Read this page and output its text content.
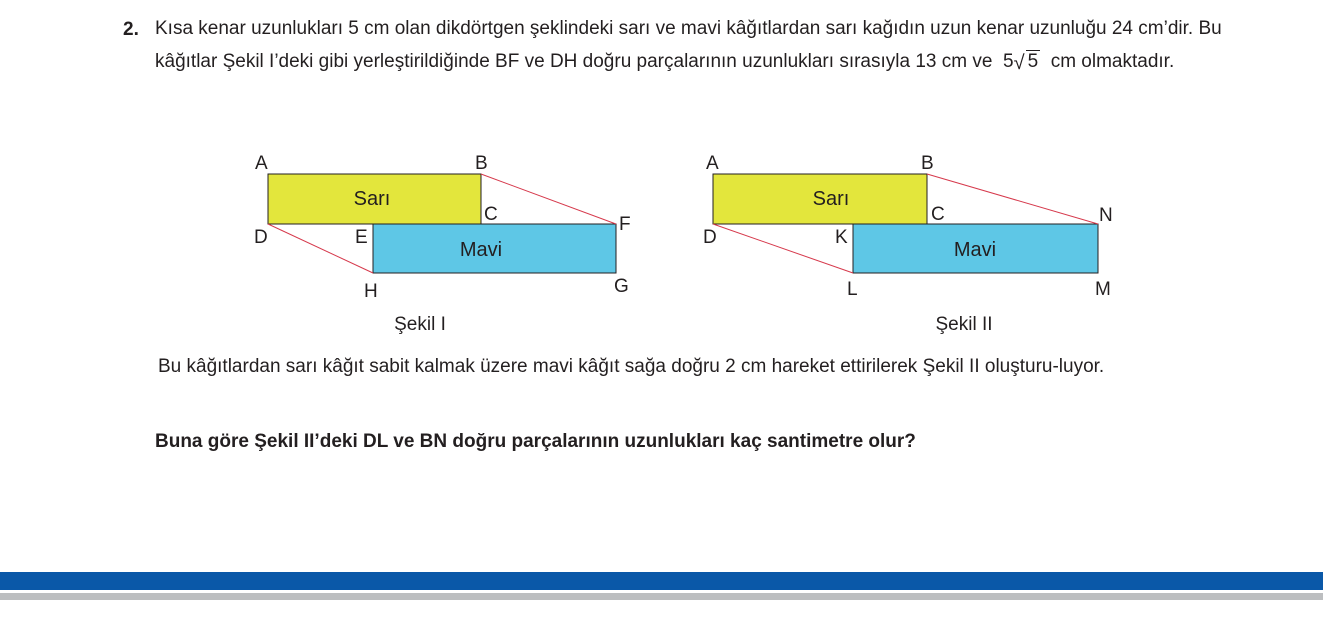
2. Kısa kenar uzunlukları 5 cm olan dikdörtgen şeklindeki sarı ve mavi kâğıtlardan sarı kağıdın uzun kenar uzunluğu 24 cm’dir. Bu kâğıtlar Şekil I’deki gibi yerleştirildiğinde BF ve DH doğru parçalarının uzunlukları sırasıyla 13 cm ve 5 √ 5 cm olmaktadır.

Sarı
Mavi
A	B
C
D	E
F
G
H
Şekil I
Sarı
Mavi
A	B
C
D	K
N
M
L
Şekil II

Bu kâğıtlardan sarı kâğıt sabit kalmak üzere mavi kâğıt sağa doğru 2 cm hareket ettirilerek Şekil II oluşturu-luyor.

Buna göre Şekil II’deki DL ve BN doğru parçalarının uzunlukları kaç santimetre olur?
